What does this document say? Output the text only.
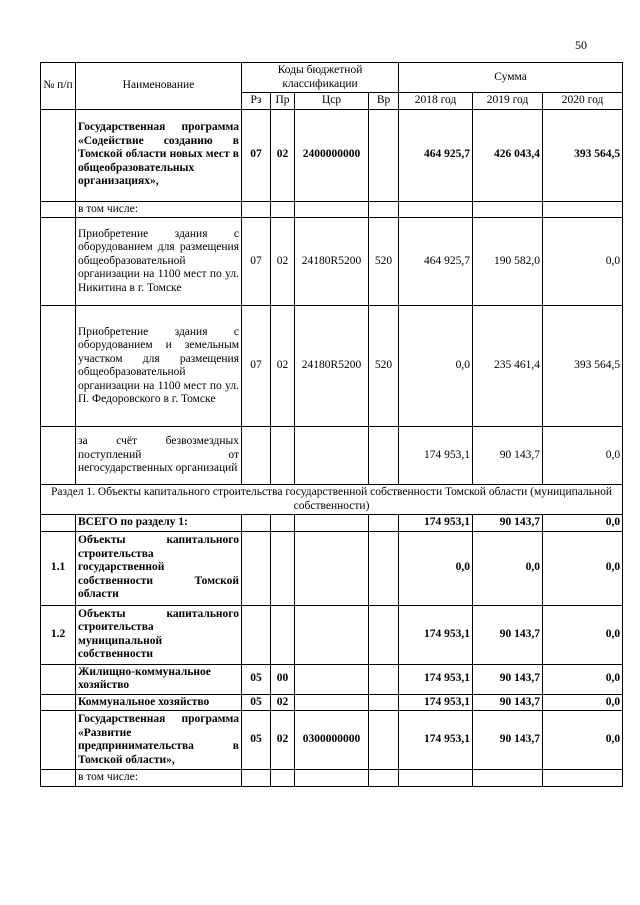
50
№ п/п	Наименование	Коды бюджетной классификации				Сумма		
		Рз	Пр	Цср	Вр	2018 год	2019 год	2020 год
	Государственная программа «Содействие созданию в Томской области новых мест в общеобразовательных организациях»,	07	02	2400000000		464 925,7	426 043,4	393 564,5
	в том числе:							
	Приобретение здания с оборудованием для размещения общеобразовательной организации на 1100 мест по ул. Никитина в г. Томске	07	02	24180R5200	520	464 925,7	190 582,0	0,0
	Приобретение здания с оборудованием и земельным участком для размещения общеобразовательной организации на 1100 мест по ул. П. Федоровского в г. Томске	07	02	24180R5200	520	0,0	235 461,4	393 564,5
	за счёт безвозмездных поступлений от негосударственных организаций					174 953,1	90 143,7	0,0
Раздел 1. Объекты капитального строительства государственной собственности Томской области (муниципальной собственности)								
	ВСЕГО по разделу 1:					174 953,1	90 143,7	0,0
1.1	Объекты капитального строительства государственной собственности Томской области					0,0	0,0	0,0
1.2	Объекты капитального строительства муниципальной собственности					174 953,1	90 143,7	0,0
	Жилищно-коммунальное хозяйство	05	00			174 953,1	90 143,7	0,0
	Коммунальное хозяйство	05	02			174 953,1	90 143,7	0,0
	Государственная программа «Развитие предпринимательства в Томской области»,	05	02	0300000000		174 953,1	90 143,7	0,0
	в том числе:							
